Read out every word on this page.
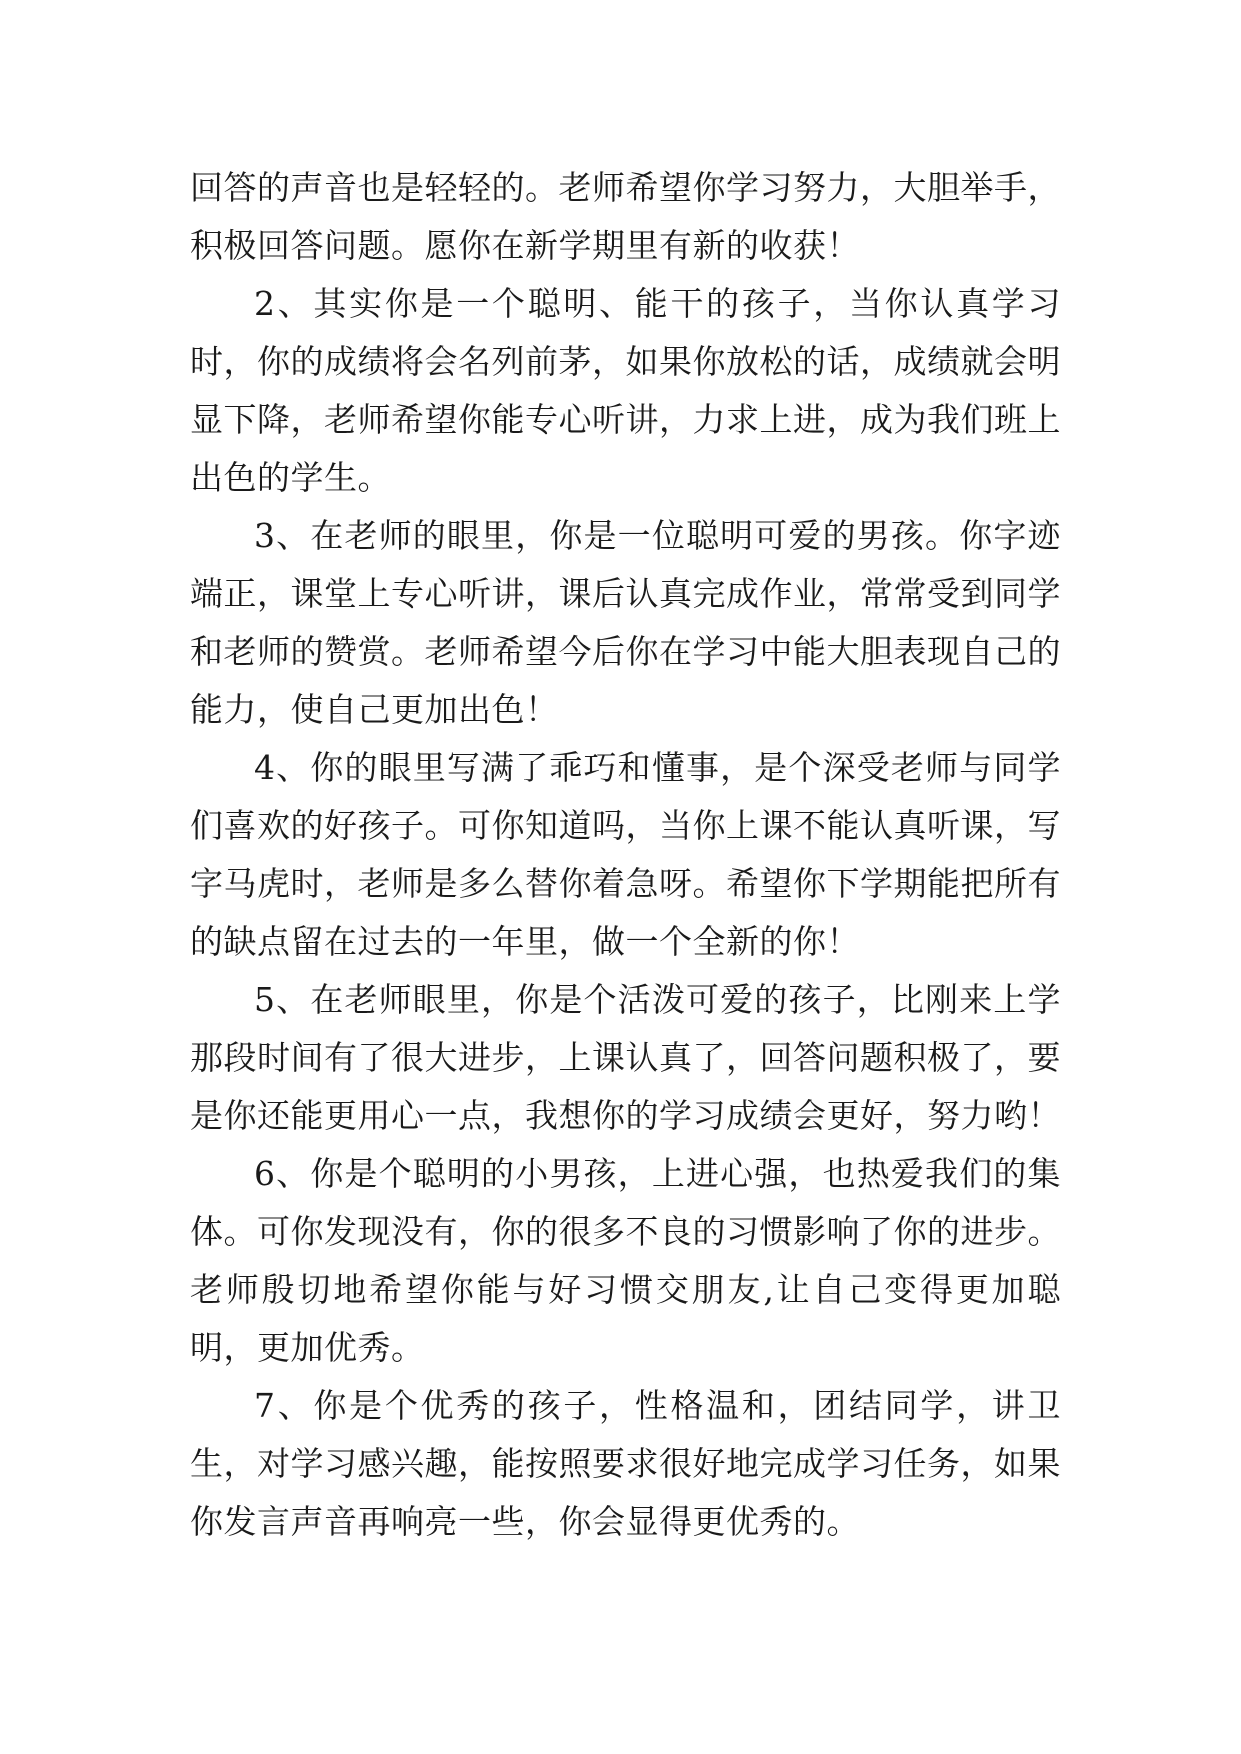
回答的声音也是轻轻的。老师希望你学习努力，大胆举手，积极回答问题。愿你在新学期里有新的收获！

2、其实你是一个聪明、能干的孩子，当你认真学习时，你的成绩将会名列前茅，如果你放松的话，成绩就会明显下降，老师希望你能专心听讲，力求上进，成为我们班上出色的学生。

3、在老师的眼里，你是一位聪明可爱的男孩。你字迹端正，课堂上专心听讲，课后认真完成作业，常常受到同学和老师的赞赏。老师希望今后你在学习中能大胆表现自己的能力，使自己更加出色！

4、你的眼里写满了乖巧和懂事，是个深受老师与同学们喜欢的好孩子。可你知道吗，当你上课不能认真听课，写字马虎时，老师是多么替你着急呀。希望你下学期能把所有的缺点留在过去的一年里，做一个全新的你！

5、在老师眼里，你是个活泼可爱的孩子，比刚来上学那段时间有了很大进步，上课认真了，回答问题积极了，要是你还能更用心一点，我想你的学习成绩会更好，努力哟！

6、你是个聪明的小男孩，上进心强，也热爱我们的集体。可你发现没有，你的很多不良的习惯影响了你的进步。老师殷切地希望你能与好习惯交朋友,让自己变得更加聪明，更加优秀。

7、你是个优秀的孩子，性格温和，团结同学，讲卫生，对学习感兴趣，能按照要求很好地完成学习任务，如果你发言声音再响亮一些，你会显得更优秀的。
